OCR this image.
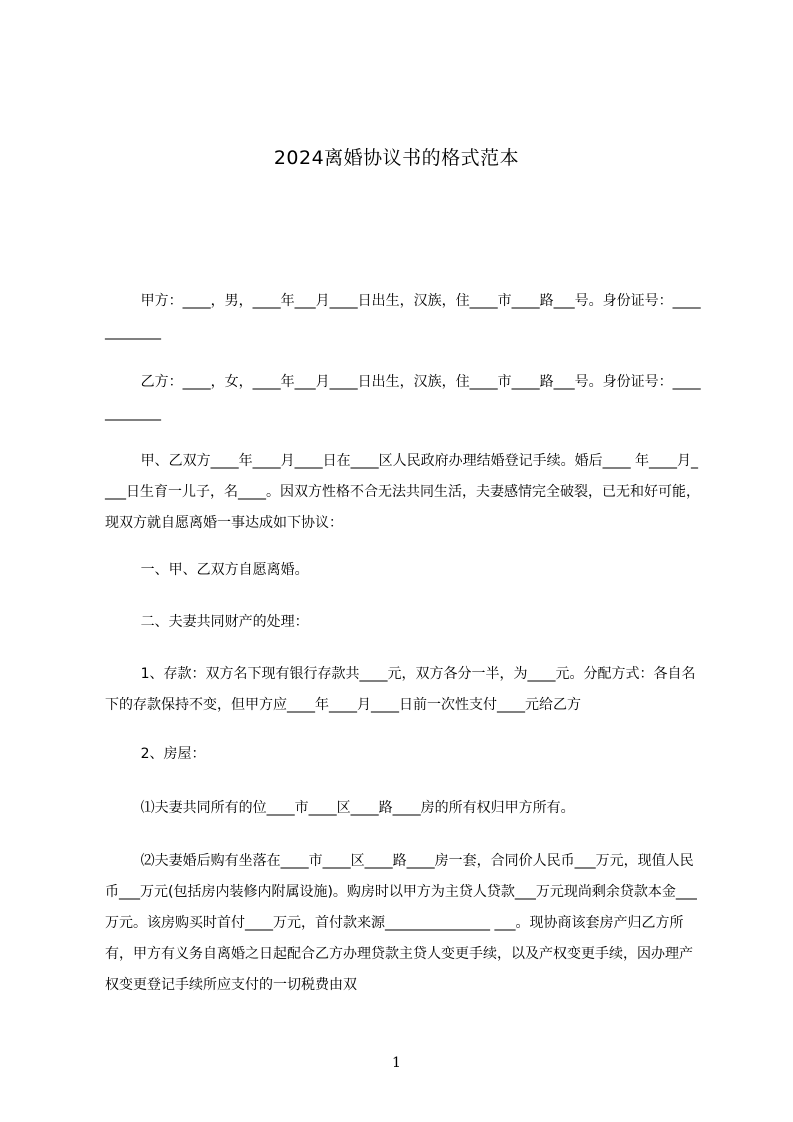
2024离婚协议书的格式范本
甲方：____，男，____年___月____日出生，汉族，住____市____路___号。身份证号：____________
乙方：____，女，____年___月____日出生，汉族，住____市____路___号。身份证号：____________
甲、乙双方____年____月____日在____区人民政府办理结婚登记手续。婚后____ 年____月____日生育一儿子，名____。因双方性格不合无法共同生活，夫妻感情完全破裂，已无和好可能，现双方就自愿离婚一事达成如下协议：
一、甲、乙双方自愿离婚。
二、夫妻共同财产的处理：
1、存款：双方名下现有银行存款共____元，双方各分一半，为____元。分配方式：各自名下的存款保持不变，但甲方应____年____月____日前一次性支付____元给乙方
2、房屋：
⑴夫妻共同所有的位____市____区____路____房的所有权归甲方所有。
⑵夫妻婚后购有坐落在____市____区____路____房一套，合同价人民币___万元，现值人民币___万元(包括房内装修内附属设施)。购房时以甲方为主贷人贷款___万元现尚剩余贷款本金___万元。该房购买时首付____万元，首付款来源_______________ ___。现协商该套房产归乙方所有，甲方有义务自离婚之日起配合乙方办理贷款主贷人变更手续，以及产权变更手续，因办理产权变更登记手续所应支付的一切税费由双
1
